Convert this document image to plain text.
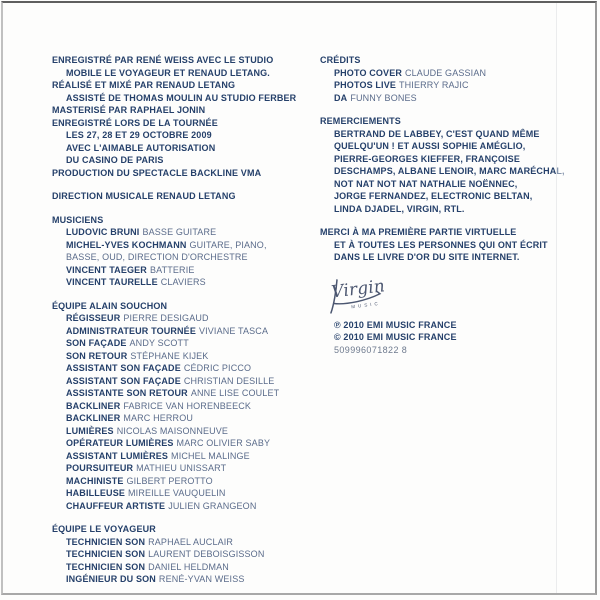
ENREGISTRÉ PAR RENÉ WEISS AVEC LE STUDIO
MOBILE LE VOYAGEUR ET RENAUD LETANG.
RÉALISÉ ET MIXÉ PAR RENAUD LETANG
ASSISTÉ DE THOMAS MOULIN AU STUDIO FERBER
MASTERISÉ PAR RAPHAEL JONIN
ENREGISTRÉ LORS DE LA TOURNÉE
LES 27, 28 ET 29 OCTOBRE 2009
AVEC L'AIMABLE AUTORISATION
DU CASINO DE PARIS
PRODUCTION DU SPECTACLE BACKLINE VMA
DIRECTION MUSICALE RENAUD LETANG
MUSICIENS
LUDOVIC BRUNI BASSE GUITARE
MICHEL-YVES KOCHMANN GUITARE, PIANO,
BASSE, OUD, DIRECTION D'ORCHESTRE
VINCENT TAEGER BATTERIE
VINCENT TAURELLE CLAVIERS
ÉQUIPE ALAIN SOUCHON
RÉGISSEUR PIERRE DESIGAUD
ADMINISTRATEUR TOURNÉE VIVIANE TASCA
SON FAÇADE ANDY SCOTT
SON RETOUR STÉPHANE KIJEK
ASSISTANT SON FAÇADE CÉDRIC PICCO
ASSISTANT SON FAÇADE CHRISTIAN DESILLE
ASSISTANTE SON RETOUR ANNE LISE COULET
BACKLINER FABRICE VAN HORENBEECK
BACKLINER MARC HERROU
LUMIÈRES NICOLAS MAISONNEUVE
OPÉRATEUR LUMIÈRES MARC OLIVIER SABY
ASSISTANT LUMIÈRES MICHEL MALINGE
POURSUITEUR MATHIEU UNISSART
MACHINISTE GILBERT PEROTTO
HABILLEUSE MIREILLE VAUQUELIN
CHAUFFEUR ARTISTE JULIEN GRANGEON
ÉQUIPE LE VOYAGEUR
TECHNICIEN SON RAPHAEL AUCLAIR
TECHNICIEN SON LAURENT DEBOISGISSON
TECHNICIEN SON DANIEL HELDMAN
INGÉNIEUR DU SON RENÉ-YVAN WEISS
CRÉDITS
PHOTO COVER CLAUDE GASSIAN
PHOTOS LIVE THIERRY RAJIC
DA FUNNY BONES
REMERCIEMENTS
BERTRAND DE LABBEY, C'EST QUAND MÊME
QUELQU'UN ! ET AUSSI SOPHIE AMÉGLIO,
PIERRE-GEORGES KIEFFER, FRANÇOISE
DESCHAMPS, ALBANE LENOIR, MARC MARÉCHAL,
NOT NAT NOT NAT NATHALIE NOËNNEC,
JORGE FERNANDEZ, ELECTRONIC BELTAN,
LINDA DJADEL, VIRGIN, RTL.
MERCI À MA PREMIÈRE PARTIE VIRTUELLE
ET À TOUTES LES PERSONNES QUI ONT ÉCRIT
DANS LE LIVRE D'OR DU SITE INTERNET.
Virgin
MUSIC
℗ 2010 EMI MUSIC FRANCE
© 2010 EMI MUSIC FRANCE
509996071822 8
